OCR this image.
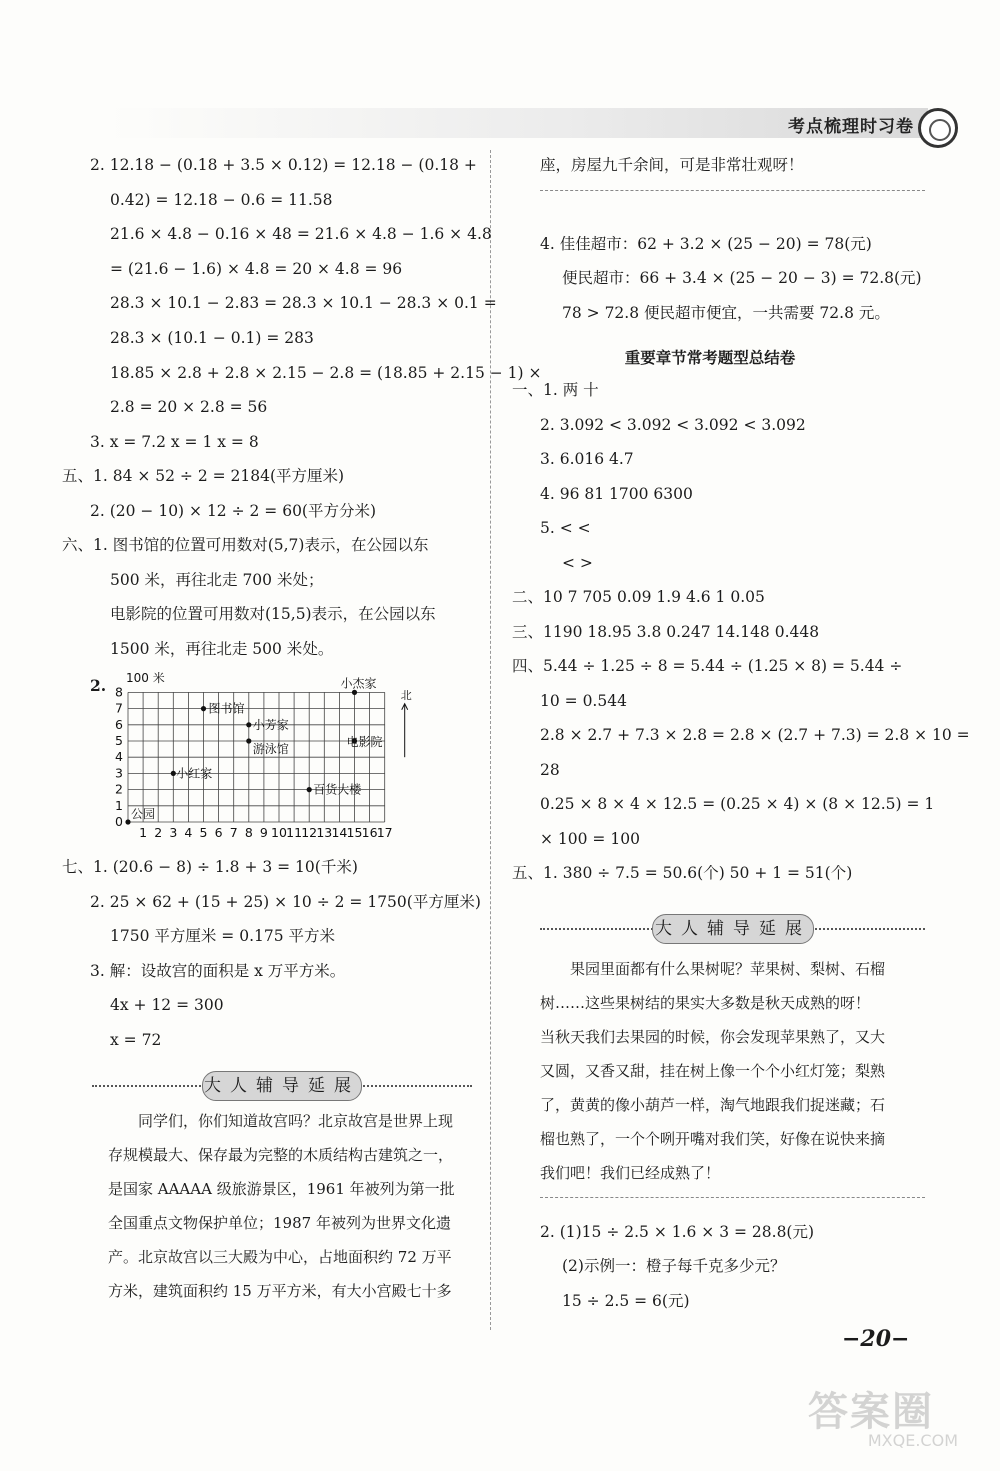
考点梳理时习卷
2. 12.18 − (0.18 + 3.5 × 0.12) = 12.18 − (0.18 +
0.42) = 12.18 − 0.6 = 11.58
21.6 × 4.8 − 0.16 × 48 = 21.6 × 4.8 − 1.6 × 4.8
= (21.6 − 1.6) × 4.8 = 20 × 4.8 = 96
28.3 × 10.1 − 2.83 = 28.3 × 10.1 − 28.3 × 0.1 =
28.3 × (10.1 − 0.1) = 283
18.85 × 2.8 + 2.8 × 2.15 − 2.8 = (18.85 + 2.15 − 1) ×
2.8 = 20 × 2.8 = 56
3. x = 7.2 x = 1 x = 8
五、1. 84 × 52 ÷ 2 = 2184(平方厘米)
2. (20 − 10) × 12 ÷ 2 = 60(平方分米)
六、1. 图书馆的位置可用数对(5,7)表示，在公园以东
500 米，再往北走 700 米处；
电影院的位置可用数对(15,5)表示，在公园以东
1500 米，再往北走 500 米处。
七、1. (20.6 − 8) ÷ 1.8 + 3 = 10(千米)
2. 25 × 62 + (15 + 25) × 10 ÷ 2 = 1750(平方厘米)
1750 平方厘米 = 0.175 平方米
3. 解：设故宫的面积是 x 万平方米。
4x + 12 = 300
x = 72
2.
1 2 3 4 5 6 7 8 9 10 11 12 13 14 15 16 17
0
1
2
3
4
5
6
7
8
100 米
北
公园
图书馆
小芳家
游泳馆	电影院
小杰家
小红家
百货大楼
大人辅导延展
同学们，你们知道故宫吗？北京故宫是世界上现
存规模最大、保存最为完整的木质结构古建筑之一，
是国家 AAAAA 级旅游景区，1961 年被列为第一批
全国重点文物保护单位；1987 年被列为世界文化遗
产。北京故宫以三大殿为中心，占地面积约 72 万平
方米，建筑面积约 15 万平方米，有大小宫殿七十多
座，房屋九千余间，可是非常壮观呀！
4. 佳佳超市：62 + 3.2 × (25 − 20) = 78(元)
便民超市：66 + 3.4 × (25 − 20 − 3) = 72.8(元)
78 > 72.8 便民超市便宜，一共需要 72.8 元。
一、1. 两 十
2. 3.092 < 3.092 < 3.092 < 3.092
3. 6.016 4.7
4. 96 81 1700 6300
5. < <
< >
二、10 7 705 0.09 1.9 4.6 1 0.05
三、1190 18.95 3.8 0.247 14.148 0.448
四、5.44 ÷ 1.25 ÷ 8 = 5.44 ÷ (1.25 × 8) = 5.44 ÷
10 = 0.544
2.8 × 2.7 + 7.3 × 2.8 = 2.8 × (2.7 + 7.3) = 2.8 × 10 =
28
0.25 × 8 × 4 × 12.5 = (0.25 × 4) × (8 × 12.5) = 1
× 100 = 100
五、1. 380 ÷ 7.5 = 50.6(个) 50 + 1 = 51(个)
重要章节常考题型总结卷
大人辅导延展
果园里面都有什么果树呢？苹果树、梨树、石榴
树……这些果树结的果实大多数是秋天成熟的呀！
当秋天我们去果园的时候，你会发现苹果熟了，又大
又圆，又香又甜，挂在树上像一个个小红灯笼；梨熟
了，黄黄的像小葫芦一样，淘气地跟我们捉迷藏；石
榴也熟了，一个个咧开嘴对我们笑，好像在说快来摘
我们吧！我们已经成熟了！
2. (1)15 ÷ 2.5 × 1.6 × 3 = 28.8(元)
(2)示例一：橙子每千克多少元？
15 ÷ 2.5 = 6(元)
−20−
答案圈
MXQE.COM
